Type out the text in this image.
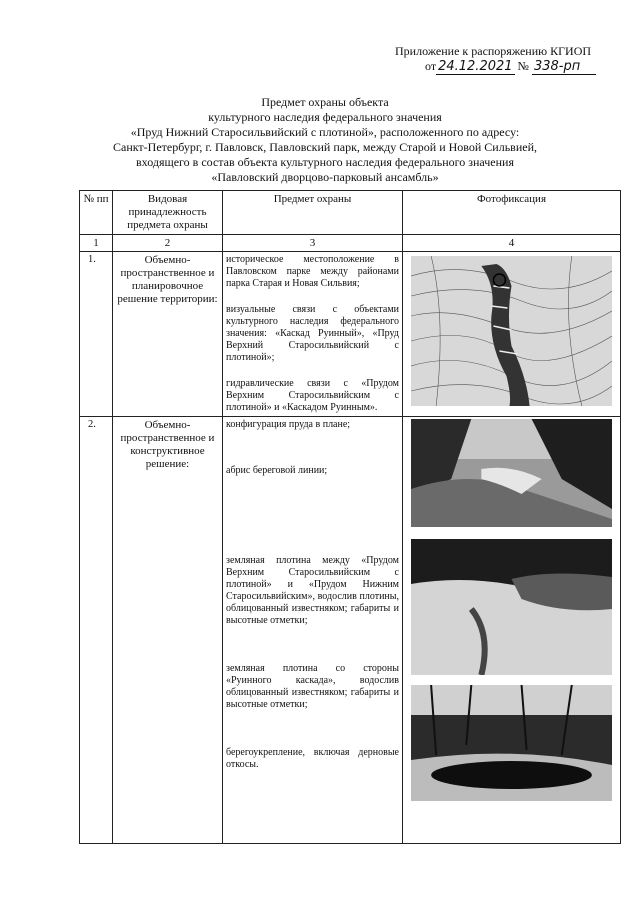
Приложение к распоряжению КГИОП
от 24.12.2021 № 338-рп
Предмет охраны объекта
культурного наследия федерального значения
«Пруд Нижний Старосильвийский с плотиной», расположенного по адресу:
Санкт-Петербург, г. Павловск, Павловский парк, между Старой и Новой Сильвией,
входящего в состав объекта культурного наследия федерального значения
«Павловский дворцово-парковый ансамбль»
№ пп	Видовая принадлежность предмета охраны	Предмет охраны	Фотофиксация
1	2	3	4
1.	Объемно-пространственное и планировочное решение территории:	историческое местоположение в Павловском парке между районами парка Старая и Новая Сильвия;

визуальные связи с объектами культурного наследия федерального значения: «Каскад Руинный», «Пруд Верхний Старосильвийский с плотиной»;

гидравлические связи с «Прудом Верхним Старосильвийским с плотиной» и «Каскадом Руинным».

2.	Объемно-пространственное и конструктивное решение:	конфигурация пруда в плане;

абрис береговой линии;

земляная плотина между «Прудом Верхним Старосильвийским с плотиной» и «Прудом Нижним Старосильвийским», водослив плотины, облицованный известняком; габариты и высотные отметки;

земляная плотина со стороны «Руинного каскада», водослив облицованный известняком; габариты и высотные отметки;

берегоукрепление, включая дерновые откосы.
